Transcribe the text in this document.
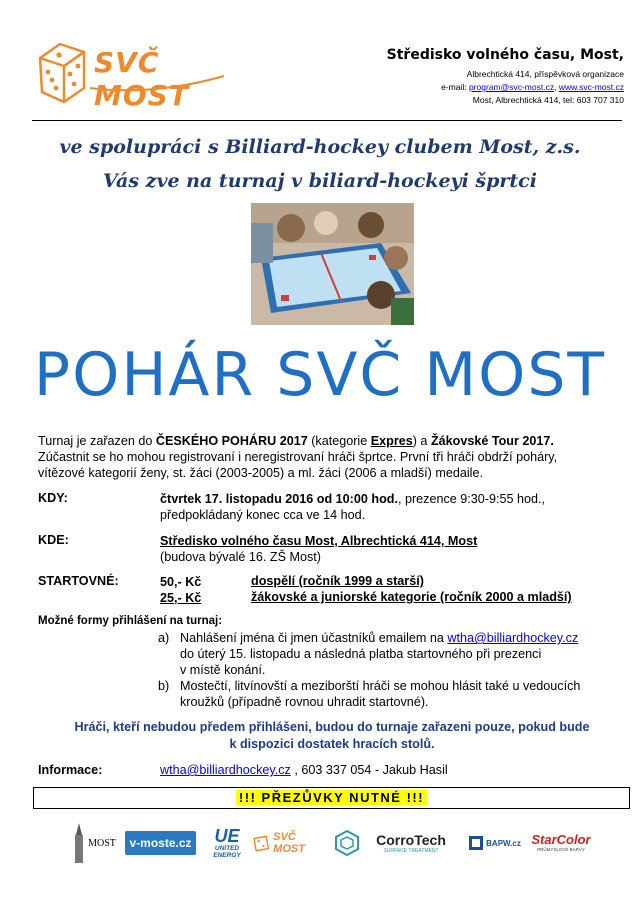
SVČ MOST
Středisko volného času, Most,
Albrechtická 414, příspěvková organizace
e-mail: program@svc-most.cz, www.svc-most.cz
Most, Albrechtická 414, tel: 603 707 310
ve spolupráci s Billiard-hockey clubem Most, z.s.
Vás zve na turnaj v biliard-hockeyi šprtci
POHÁR SVČ MOST
Turnaj je zařazen do ČESKÉHO POHÁRU 2017 (kategorie Expres) a Žákovské Tour 2017.
Zúčastnit se ho mohou registrovaní i neregistrovaní hráči šprtce. První tři hráči obdrží poháry,
vítězové kategorií ženy, st. žáci (2003-2005) a ml. žáci (2006 a mladší) medaile.
KDY:	čtvrtek 17. listopadu 2016 od 10:00 hod., prezence 9:30-9:55 hod.,
předpokládaný konec cca ve 14 hod.
KDE:	Středisko volného času Most, Albrechtická 414, Most
(budova bývalé 16. ZŠ Most)
STARTOVNÉ:	50,- Kč	dospělí (ročník 1999 a starší)
25,- Kč	žákovské a juniorské kategorie (ročník 2000 a mladší)
Možné formy přihlášení na turnaj:
a) Nahlášení jména či jmen účastníků emailem na wtha@billiardhockey.cz
do úterý 15. listopadu a následná platba startovného při prezenci
v místě konání.
b) Mostečtí, litvínovští a meziborští hráči se mohou hlásit také u vedoucích
kroužků (případně rovnou uhradit startovné).
Hráči, kteří nebudou předem přihlášeni, budou do turnaje zařazeni pouze, pokud bude
k dispozici dostatek hracích stolů.
Informace:	wtha@billiardhockey.cz , 603 337 054 - Jakub Hasil
!!! PŘEZŮVKY NUTNÉ !!!
MOST	v-moste.cz UE
UNITED
ENERGY
SVČ MOST
CorroTech
SURFACE TREATMENT
BAPW.cz StarColor
PRŮMYSLOVÉ BARVY
